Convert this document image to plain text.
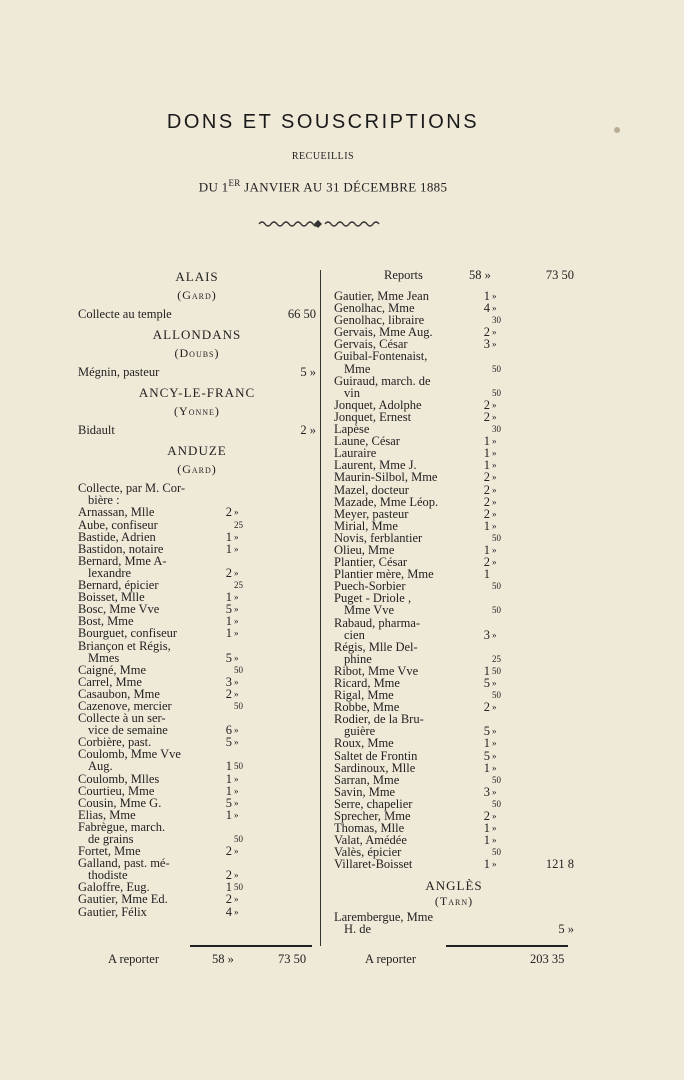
DONS ET SOUSCRIPTIONS
RECUEILLIS
DU 1ER JANVIER AU 31 DÉCEMBRE 1885
ALAIS
(Gard)
Collecte au temple	66 50
ALLONDANS
(Doubs)
Mégnin, pasteur	5 »
ANCY-LE-FRANC
(Yonne)
Bidault	2 »
ANDUZE
(Gard)
Collecte, par M. Cor-
bière :
Arnassan, Mlle	2 »
Aube, confiseur	25
Bastide, Adrien	1 »
Bastidon, notaire	1 »
Bernard, Mme A-
lexandre	2 »
Bernard, épicier	25
Boisset, Mlle	1 »
Bosc, Mme Vve	5 »
Bost, Mme	1 »
Bourguet, confiseur	1 »
Briançon et Régis,
Mmes	5 »
Caigné, Mme	50
Carrel, Mme	3 »
Casaubon, Mme	2 »
Cazenove, mercier	50
Collecte à un ser-
vice de semaine	6 »
Corbière, past.	5 »
Coulomb, Mme Vve
Aug.	1 50
Coulomb, Mlles	1 »
Courtieu, Mme	1 »
Cousin, Mme G.	5 »
Elias, Mme	1 »
Fabrègue, march.
de grains	50
Fortet, Mme	2 »
Galland, past. mé-
thodiste	2 »
Galoffre, Eug.	1 50
Gautier, Mme Ed.	2 »
Gautier, Félix	4 »
A reporter	58 »	73 50
Reports	58 »	73 50
Gautier, Mme Jean	1 »
Genolhac, Mme	4 »
Genolhac, libraire	30
Gervais, Mme Aug.	2 »
Gervais, César	3 »
Guibal-Fontenaist,
Mme	50
Guiraud, march. de
vin	50
Jonquet, Adolphe	2 »
Jonquet, Ernest	2 »
Lapèse	30
Laune, César	1 »
Lauraire	1 »
Laurent, Mme J.	1 »
Maurin-Silbol, Mme	2 »
Mazel, docteur	2 »
Mazade, Mme Léop.	2 »
Meyer, pasteur	2 »
Mirial, Mme	1 »
Novis, ferblantier	50
Olieu, Mme	1 »
Plantier, César	2 »
Plantier mère, Mme	1
Puech-Sorbier	50
Puget - Driole ,
Mme Vve	50
Rabaud, pharma-
cien	3 »
Régis, Mlle Del-
phine	25
Ribot, Mme Vve	1 50
Ricard, Mme	5 »
Rigal, Mme	50
Robbe, Mme	2 »
Rodier, de la Bru-
guière	5 »
Roux, Mme	1 »
Saltet de Frontin	5 »
Sardinoux, Mlle	1 »
Sarran, Mme	50
Savin, Mme	3 »
Serre, chapelier	50
Sprecher, Mme	2 »
Thomas, Mlle	1 »
Valat, Amédée	1 »
Valès, épicier	50
Villaret-Boisset	1 »	121 8
ANGLÈS
(Tarn)
Larembergue, Mme
H. de	5 »
A reporter	203 35
